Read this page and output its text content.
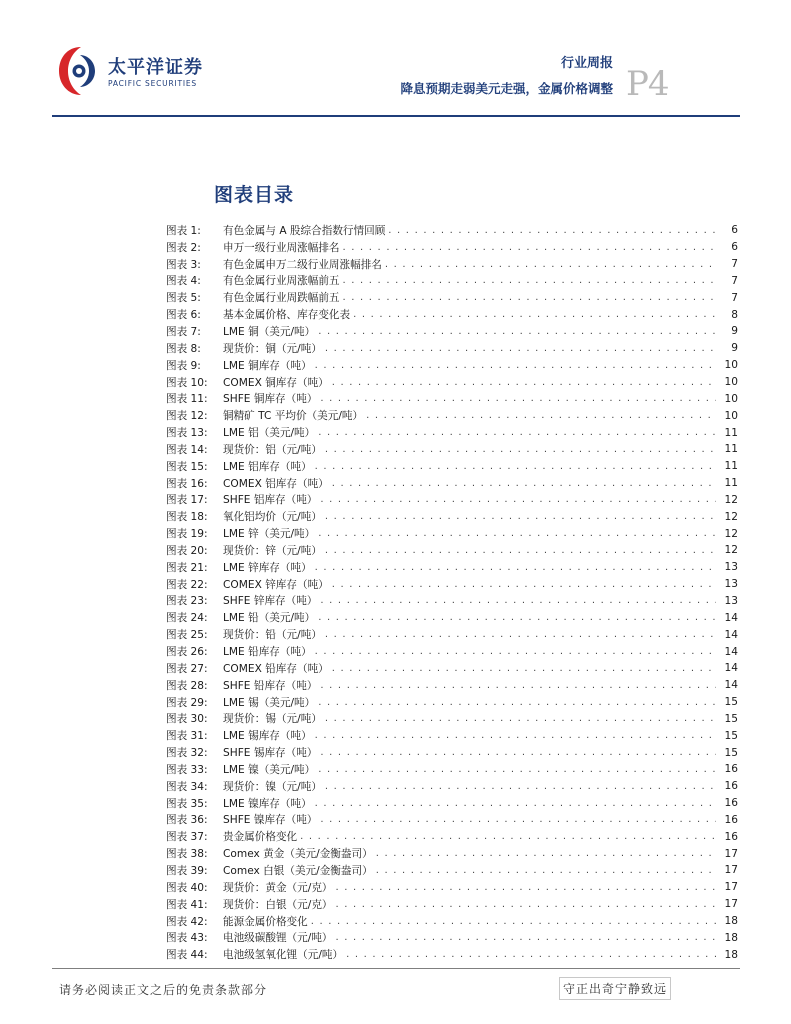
太平洋证券
PACIFIC SECURITIES
行业周报
降息预期走弱美元走强，金属价格调整 P4
图表目录
图表 1:	有色金属与 A 股综合指数行情回顾 . . .	6
图表 2:	申万一级行业周涨幅排名 . . .	6
图表 3:	有色金属申万二级行业周涨幅排名 . . .	7
图表 4:	有色金属行业周涨幅前五 . . .	7
图表 5:	有色金属行业周跌幅前五 . . .	7
图表 6:	基本金属价格、库存变化表 . . .	8
图表 7:	LME 铜（美元/吨） . . .	9
图表 8:	现货价：铜（元/吨） . . .	9
图表 9:	LME 铜库存（吨） . . .	10
图表 10:	COMEX 铜库存（吨） . . .	10
图表 11:	SHFE 铜库存（吨） . . .	10
图表 12:	铜精矿 TC 平均价（美元/吨） . . .	10
图表 13:	LME 铝（美元/吨） . . .	11
图表 14:	现货价：铝（元/吨） . . .	11
图表 15:	LME 铝库存（吨） . . .	11
图表 16:	COMEX 铝库存（吨） . . .	11
图表 17:	SHFE 铝库存（吨） . . .	12
图表 18:	氧化铝均价（元/吨） . . .	12
图表 19:	LME 锌（美元/吨） . . .	12
图表 20:	现货价：锌（元/吨） . . .	12
图表 21:	LME 锌库存（吨） . . .	13
图表 22:	COMEX 锌库存（吨） . . .	13
图表 23:	SHFE 锌库存（吨） . . .	13
图表 24:	LME 铅（美元/吨） . . .	14
图表 25:	现货价：铅（元/吨） . . .	14
图表 26:	LME 铅库存（吨） . . .	14
图表 27:	COMEX 铅库存（吨） . . .	14
图表 28:	SHFE 铅库存（吨） . . .	14
图表 29:	LME 锡（美元/吨） . . .	15
图表 30:	现货价：锡（元/吨） . . .	15
图表 31:	LME 锡库存（吨） . . .	15
图表 32:	SHFE 锡库存（吨） . . .	15
图表 33:	LME 镍（美元/吨） . . .	16
图表 34:	现货价：镍（元/吨） . . .	16
图表 35:	LME 镍库存（吨） . . .	16
图表 36:	SHFE 镍库存（吨） . . .	16
图表 37:	贵金属价格变化 . . .	16
图表 38:	Comex 黄金（美元/金衡盎司） . . .	17
图表 39:	Comex 白银（美元/金衡盎司） . . .	17
图表 40:	现货价：黄金（元/克） . . .	17
图表 41:	现货价：白银（元/克） . . .	17
图表 42:	能源金属价格变化 . . .	18
图表 43:	电池级碳酸锂（元/吨） . . .	18
图表 44:	电池级氢氧化锂（元/吨） . . .	18
请务必阅读正文之后的免责条款部分	守正出奇宁静致远
